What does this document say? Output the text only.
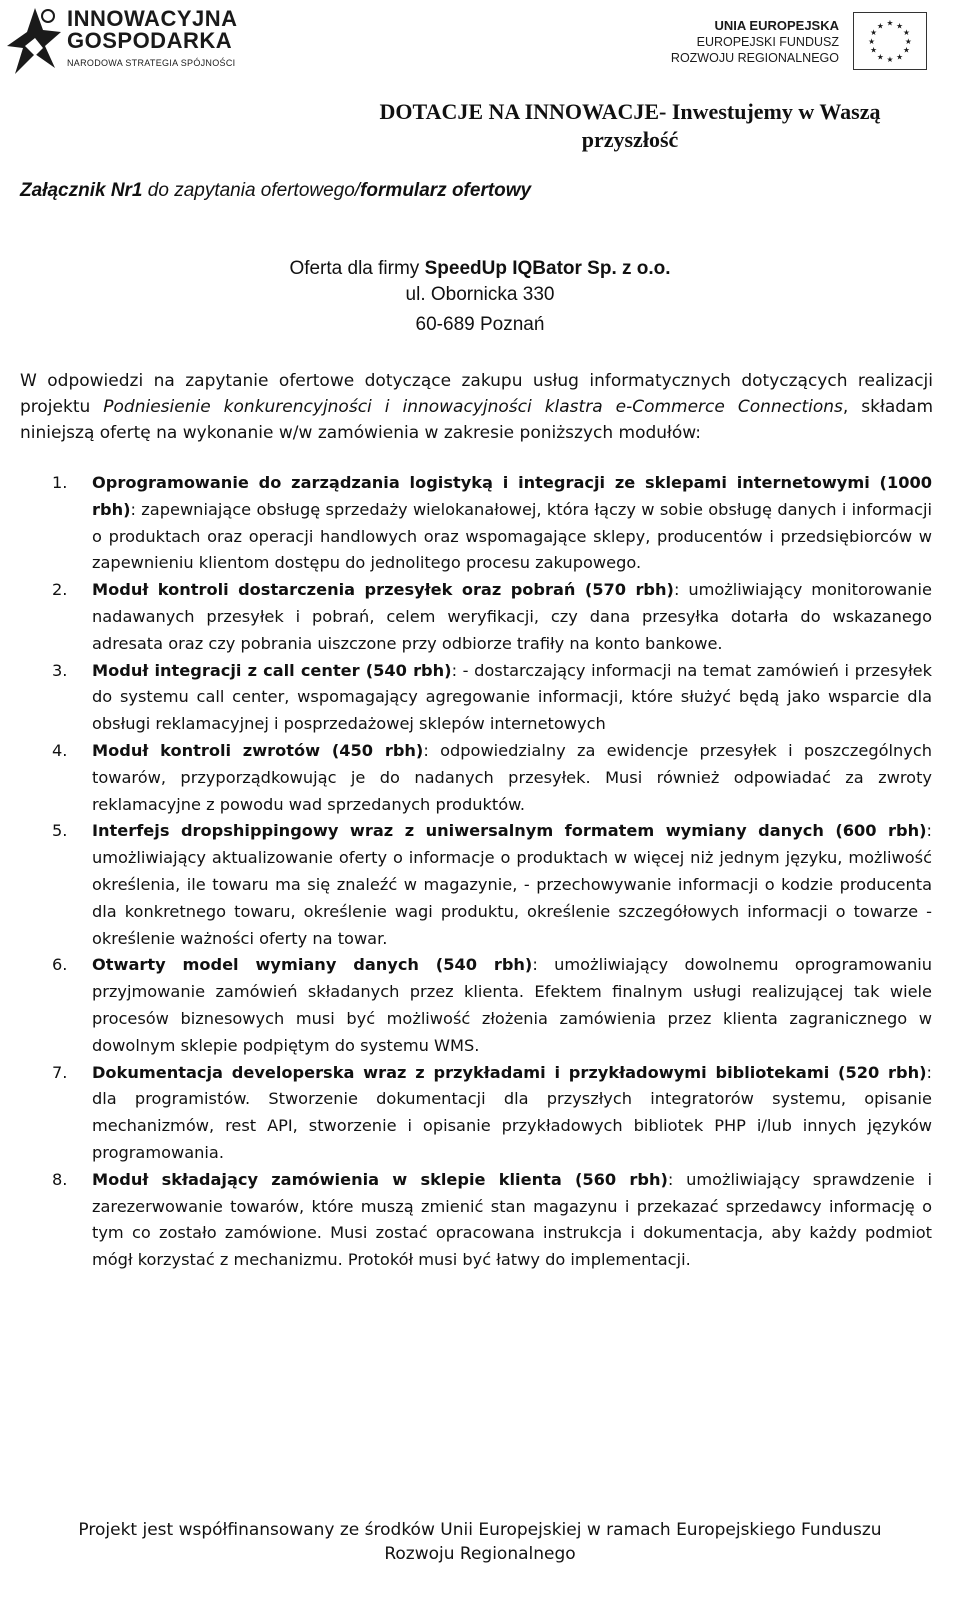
INNOWACYJNA
GOSPODARKA
NARODOWA STRATEGIA SPÓJNOŚCI
UNIA EUROPEJSKA
EUROPEJSKI FUNDUSZ
ROZWOJU REGIONALNEGO
★ ★
★
★
★
★
★
★
★
★
★
★
DOTACJE NA INNOWACJE- Inwestujemy w Waszą przyszłość
Załącznik Nr1 do zapytania ofertowego/formularz ofertowy
Oferta dla firmy SpeedUp IQBator Sp. z o.o.
ul. Obornicka 330
60-689 Poznań
W odpowiedzi na zapytanie ofertowe dotyczące zakupu usług informatycznych dotyczących realizacji projektu Podniesienie konkurencyjności i innowacyjności klastra e-Commerce Connections, składam niniejszą ofertę na wykonanie w/w zamówienia w zakresie poniższych modułów:
1. Oprogramowanie do zarządzania logistyką i integracji ze sklepami internetowymi (1000 rbh): zapewniające obsługę sprzedaży wielokanałowej, która łączy w sobie obsługę danych i informacji o produktach oraz operacji handlowych oraz wspomagające sklepy, producentów i przedsiębiorców w zapewnieniu klientom dostępu do jednolitego procesu zakupowego.
2. Moduł kontroli dostarczenia przesyłek oraz pobrań (570 rbh): umożliwiający monitorowanie nadawanych przesyłek i pobrań, celem weryfikacji, czy dana przesyłka dotarła do wskazanego adresata oraz czy pobrania uiszczone przy odbiorze trafiły na konto bankowe.
3. Moduł integracji z call center (540 rbh): - dostarczający informacji na temat zamówień i przesyłek do systemu call center, wspomagający agregowanie informacji, które służyć będą jako wsparcie dla obsługi reklamacyjnej i posprzedażowej sklepów internetowych
4. Moduł kontroli zwrotów (450 rbh): odpowiedzialny za ewidencje przesyłek i poszczególnych towarów, przyporządkowując je do nadanych przesyłek. Musi również odpowiadać za zwroty reklamacyjne z powodu wad sprzedanych produktów.
5. Interfejs dropshippingowy wraz z uniwersalnym formatem wymiany danych (600 rbh): umożliwiający aktualizowanie oferty o informacje o produktach w więcej niż jednym języku, możliwość określenia, ile towaru ma się znaleźć w magazynie, - przechowywanie informacji o kodzie producenta dla konkretnego towaru, określenie wagi produktu, określenie szczegółowych informacji o towarze - określenie ważności oferty na towar.
6. Otwarty model wymiany danych (540 rbh): umożliwiający dowolnemu oprogramowaniu przyjmowanie zamówień składanych przez klienta. Efektem finalnym usługi realizującej tak wiele procesów biznesowych musi być możliwość złożenia zamówienia przez klienta zagranicznego w dowolnym sklepie podpiętym do systemu WMS.
7. Dokumentacja developerska wraz z przykładami i przykładowymi bibliotekami (520 rbh): dla programistów. Stworzenie dokumentacji dla przyszłych integratorów systemu, opisanie mechanizmów, rest API, stworzenie i opisanie przykładowych bibliotek PHP i/lub innych języków programowania.
8. Moduł składający zamówienia w sklepie klienta (560 rbh): umożliwiający sprawdzenie i zarezerwowanie towarów, które muszą zmienić stan magazynu i przekazać sprzedawcy informację o tym co zostało zamówione. Musi zostać opracowana instrukcja i dokumentacja, aby każdy podmiot mógł korzystać z mechanizmu. Protokół musi być łatwy do implementacji.
Projekt jest współfinansowany ze środków Unii Europejskiej w ramach Europejskiego Funduszu
Rozwoju Regionalnego
